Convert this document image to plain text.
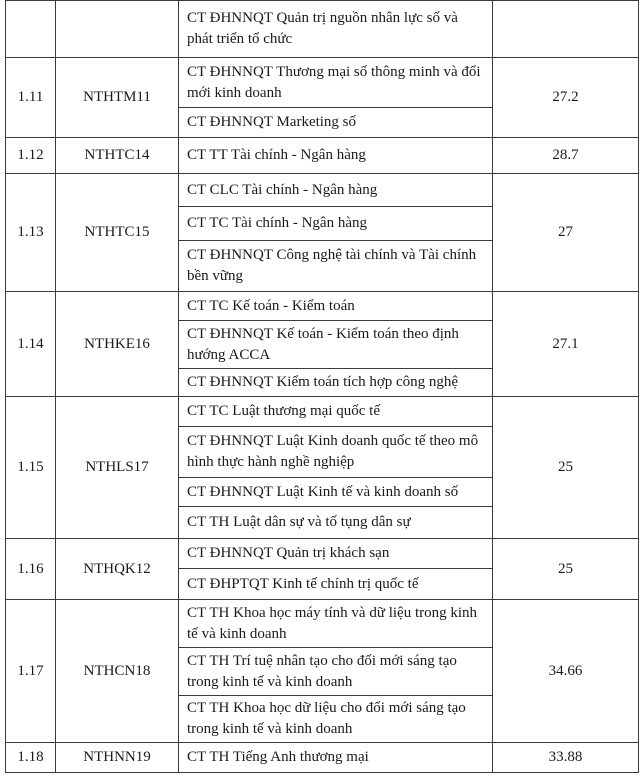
		CT ĐHNNQT Quản trị nguồn nhân lực số và phát triển tổ chức	
1.11	NTHTM11	CT ĐHNNQT Thương mại số thông minh và đổi mới kinh doanh	27.2
		CT ĐHNNQT Marketing số	
1.12	NTHTC14	CT TT Tài chính - Ngân hàng	28.7
1.13	NTHTC15	CT CLC Tài chính - Ngân hàng	27
		CT TC Tài chính - Ngân hàng	
		CT ĐHNNQT Công nghệ tài chính và Tài chính bền vững	
1.14	NTHKE16	CT TC Kế toán - Kiểm toán	27.1
		CT ĐHNNQT Kế toán - Kiểm toán theo định hướng ACCA	
		CT ĐHNNQT Kiểm toán tích hợp công nghệ	
1.15	NTHLS17	CT TC Luật thương mại quốc tế	25
		CT ĐHNNQT Luật Kinh doanh quốc tế theo mô hình thực hành nghề nghiệp	
		CT ĐHNNQT Luật Kinh tế và kinh doanh số	
		CT TH Luật dân sự và tố tụng dân sự	
1.16	NTHQK12	CT ĐHNNQT Quản trị khách sạn	25
		CT ĐHPTQT Kinh tế chính trị quốc tế	
1.17	NTHCN18	CT TH Khoa học máy tính và dữ liệu trong kinh tế và kinh doanh	34.66
		CT TH Trí tuệ nhân tạo cho đổi mới sáng tạo trong kinh tế và kinh doanh	
		CT TH Khoa học dữ liệu cho đổi mới sáng tạo trong kinh tế và kinh doanh	
1.18	NTHNN19	CT TH Tiếng Anh thương mại	33.88
